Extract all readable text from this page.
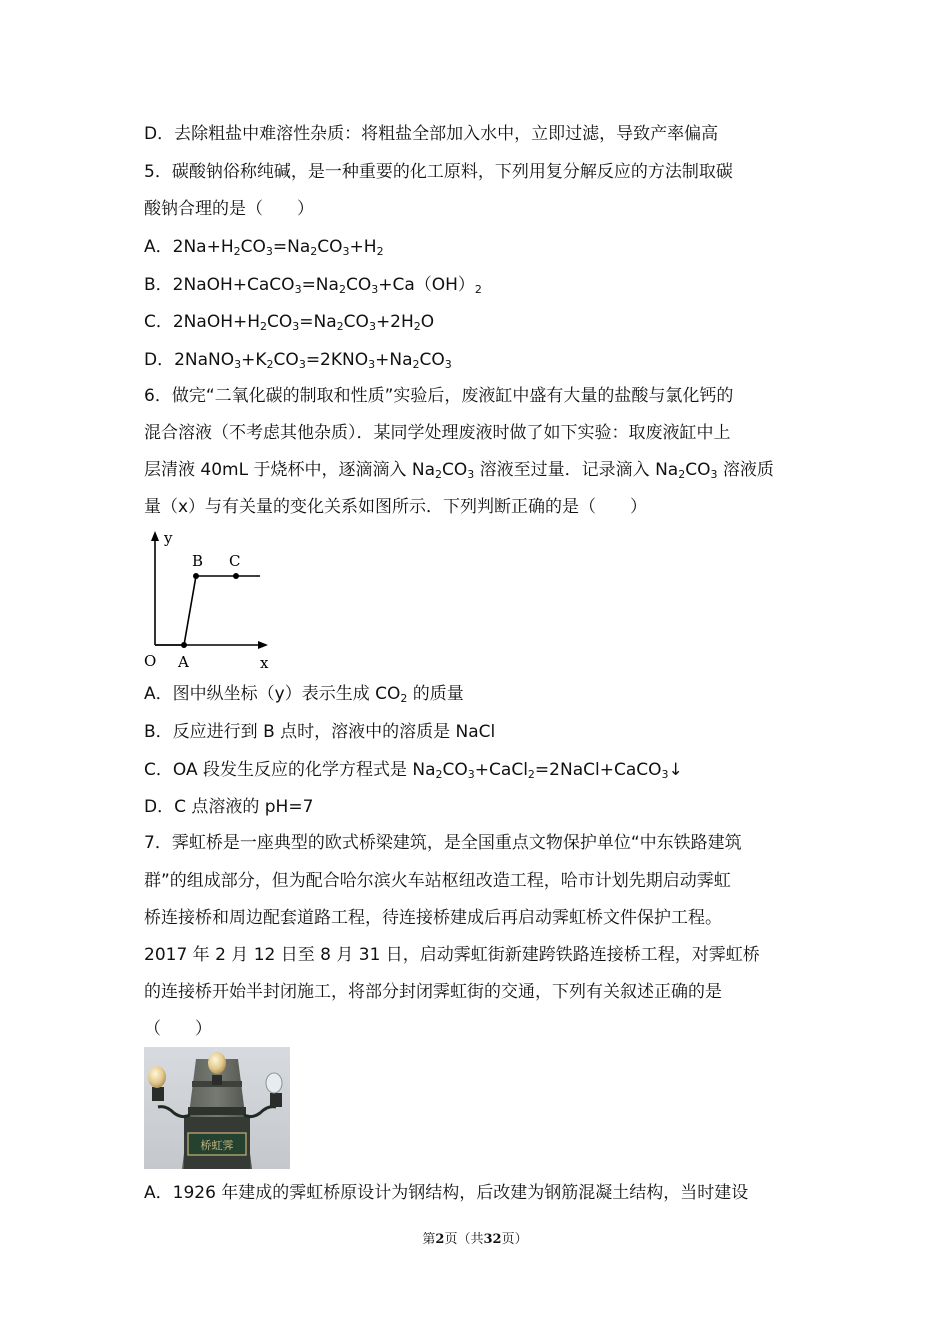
D．去除粗盐中难溶性杂质：将粗盐全部加入水中，立即过滤，导致产率偏高

5．碳酸钠俗称纯碱，是一种重要的化工原料，下列用复分解反应的方法制取碳

酸钠合理的是（　　）

A．$2Na+H_2CO_3=Na_2CO_3+H_2$

B．$2NaOH+CaCO_3=Na_2CO_3+Ca(OH)_2$

C．$2NaOH+H_2CO_3=Na_2CO_3+2H_2O$

D．$2NaNO_3+K_2CO_3=2KNO_3+Na_2CO_3$

6．做完“二氧化碳的制取和性质”实验后，废液缸中盛有大量的盐酸与氯化钙的

混合溶液（不考虑其他杂质）．某同学处理废液时做了如下实验：取废液缸中上

层清液 40mL 于烧杯中，逐滴滴入 $Na_2CO_3$ 溶液至过量．记录滴入 $Na_2CO_3$ 溶液质

量（x）与有关量的变化关系如图所示．下列判断正确的是（　　）

y
x
O A
B C

A．图中纵坐标（y）表示生成 $CO_2$ 的质量

B．反应进行到 B 点时，溶液中的溶质是 NaCl

C．OA 段发生反应的化学方程式是 $Na_2CO_3+CaCl_2=2NaCl+CaCO_3↓$

D．C 点溶液的 pH=7

7．霁虹桥是一座典型的欧式桥梁建筑，是全国重点文物保护单位“中东铁路建筑

群”的组成部分，但为配合哈尔滨火车站枢纽改造工程，哈市计划先期启动霁虹

桥连接桥和周边配套道路工程，待连接桥建成后再启动霁虹桥文件保护工程。

2017 年 2 月 12 日至 8 月 31 日，启动霁虹街新建跨铁路连接桥工程，对霁虹桥

的连接桥开始半封闭施工，将部分封闭霁虹街的交通，下列有关叙述正确的是

（　　）

桥虹霁

A．1926 年建成的霁虹桥原设计为钢结构，后改建为钢筋混凝土结构，当时建设

第2页（共32页）
